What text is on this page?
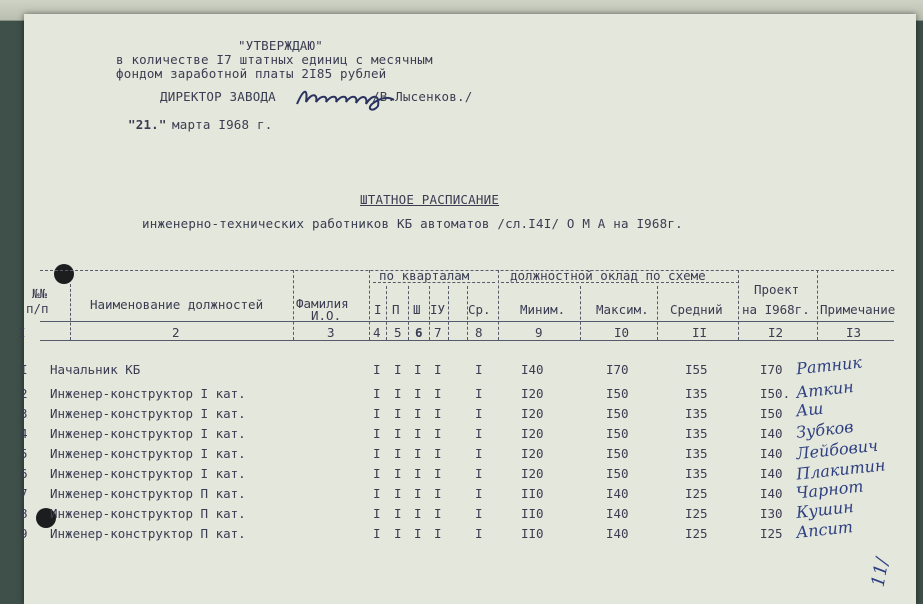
"УТВЕРЖДАЮ"
в количестве I7 штатных единиц с месячным
фондом заработной платы 2I85 рублей
ДИРЕКТОР ЗАВОДА	/В.Лысенков./
"21." марта I968 г.
ШТАТНОЕ РАСПИСАНИЕ
инженерно-технических работников КБ автоматов /сл.I4I/ О М А на I968г.
№№
п/п	Наименование должностей	Фамилия
И.О.
по кварталам
I П Ш IУ Ср.
должностной оклад по схеме
Миним. Максим. Средний
Проект
на I968г. Примечание
I	2	3	4 5 6 7	8	9	I0	II	I2	I3
I Начальник КБ	I I I I	I	I40	I70	I55	I70 Ратник
2 Инженер-конструктор I кат.	I I I I	I	I20	I50	I35	I50. Аткин
3 Инженер-конструктор I кат.	I I I I	I	I20	I50	I35	I50 Аш
4 Инженер-конструктор I кат.	I I I I	I	I20	I50	I35	I40 Зубков
5 Инженер-конструктор I кат.	I I I I	I	I20	I50	I35	I40 Лейбович
6 Инженер-конструктор I кат.	I I I I	I	I20	I50	I35	I40 Плакитин
7 Инженер-конструктор П кат.	I I I I	I	II0	I40	I25	I40 Чарнот
8 Инженер-конструктор П кат.	I I I I	I	II0	I40	I25	I30 Кушин
9 Инженер-конструктор П кат.	I I I I	I	II0	I40	I25	I25 Апсит
11/
